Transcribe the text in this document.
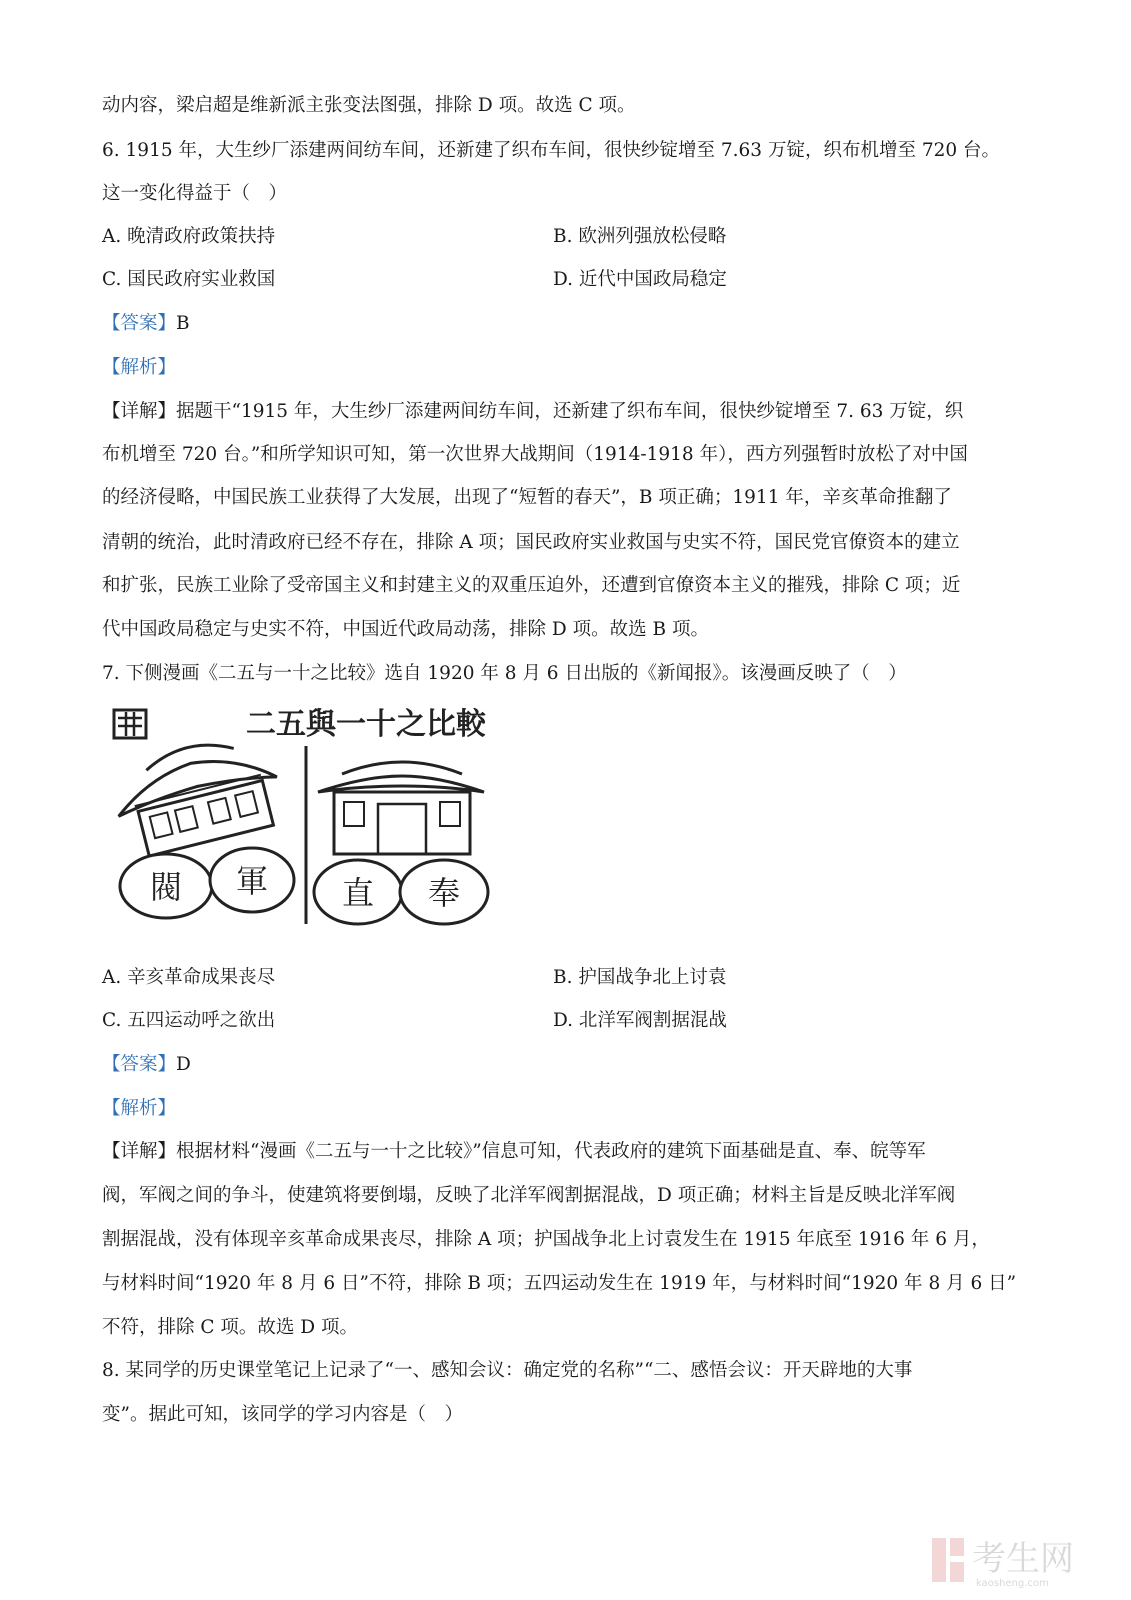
动内容，梁启超是维新派主张变法图强，排除 D 项。故选 C 项。
6. 1915 年，大生纱厂添建两间纺车间，还新建了织布车间，很快纱锭增至 7.63 万锭，织布机增至 720 台。
这一变化得益于（　）
A. 晚清政府政策扶持	B. 欧洲列强放松侵略
C. 国民政府实业救国	D. 近代中国政局稳定
【答案】B
【解析】
【详解】据题干“1915 年，大生纱厂添建两间纺车间，还新建了织布车间，很快纱锭增至 7. 63 万锭，织
布机增至 720 台。”和所学知识可知，第一次世界大战期间（1914-1918 年），西方列强暂时放松了对中国
的经济侵略，中国民族工业获得了大发展，出现了“短暂的春天”，B 项正确；1911 年，辛亥革命推翻了
清朝的统治，此时清政府已经不存在，排除 A 项；国民政府实业救国与史实不符，国民党官僚资本的建立
和扩张，民族工业除了受帝国主义和封建主义的双重压迫外，还遭到官僚资本主义的摧残，排除 C 项；近
代中国政局稳定与史实不符，中国近代政局动荡，排除 D 项。故选 B 项。
7. 下侧漫画《二五与一十之比较》选自 1920 年 8 月 6 日出版的《新闻报》。该漫画反映了（　）
二五與一十之比較
閥 軍 直 奉
A. 辛亥革命成果丧尽	B. 护国战争北上讨袁
C. 五四运动呼之欲出	D. 北洋军阀割据混战
【答案】D
【解析】
【详解】根据材料“漫画《二五与一十之比较》”信息可知，代表政府的建筑下面基础是直、奉、皖等军
阀，军阀之间的争斗，使建筑将要倒塌，反映了北洋军阀割据混战，D 项正确；材料主旨是反映北洋军阀
割据混战，没有体现辛亥革命成果丧尽，排除 A 项；护国战争北上讨袁发生在 1915 年底至 1916 年 6 月，
与材料时间“1920 年 8 月 6 日”不符，排除 B 项；五四运动发生在 1919 年，与材料时间“1920 年 8 月 6 日”
不符，排除 C 项。故选 D 项。
8. 某同学的历史课堂笔记上记录了“一、感知会议：确定党的名称”“二、感悟会议：开天辟地的大事
变”。据此可知，该同学的学习内容是（　）
考生网
kaosheng.com
